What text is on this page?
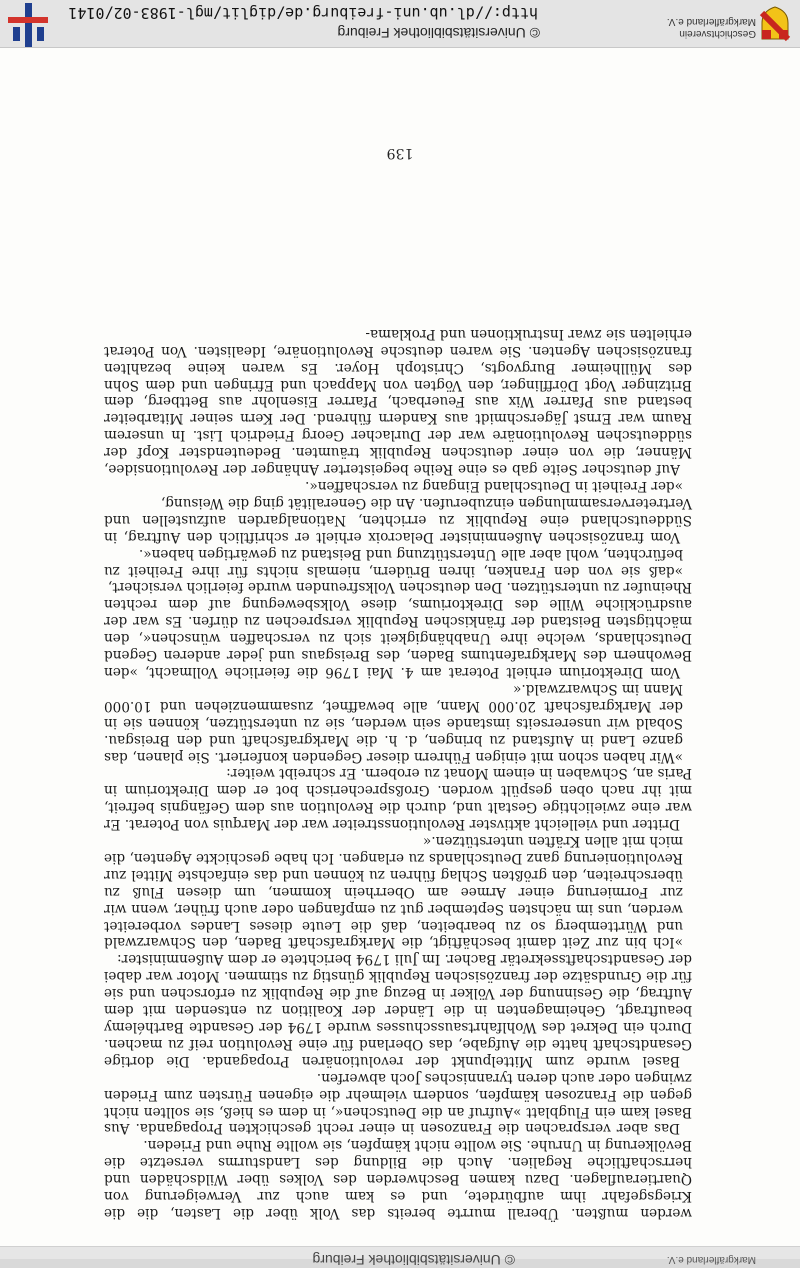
Markgräflerland e.V.
© Universitätsbibliothek Freiburg

werden mußten. Überall murrte bereits das Volk über die Lasten, die die Kriegsgefahr ihm aufbürdete, und es kam auch zur Verweigerung von Quartierauflagen. Dazu kamen Beschwerden des Volkes über Wildschäden und herrschaftliche Regalien. Auch die Bildung des Landsturms versetzte die Bevölkerung in Unruhe. Sie wollte nicht kämpfen, sie wollte Ruhe und Frieden.

Das aber versprachen die Franzosen in einer recht geschickten Propaganda. Aus Basel kam ein Flugblatt »Aufruf an die Deutschen«, in dem es hieß, sie sollten nicht gegen die Franzosen kämpfen, sondern vielmehr die eigenen Fürsten zum Frieden zwingen oder auch deren tyrannisches Joch abwerfen.

Basel wurde zum Mittelpunkt der revolutionären Propaganda. Die dortige Gesandtschaft hatte die Aufgabe, das Oberland für eine Revolution reif zu machen. Durch ein Dekret des Wohlfahrtsausschusses wurde 1794 der Gesandte Barthélemy beauftragt, Geheimagenten in die Länder der Koalition zu entsenden mit dem Auftrag, die Gesinnung der Völker in Bezug auf die Republik zu erforschen und sie für die Grundsätze der französischen Republik günstig zu stimmen. Motor war dabei der Gesandtschaftssekretär Bacher. Im Juli 1794 berichtete er dem Außenminister:

»Ich bin zur Zeit damit beschäftigt, die Markgrafschaft Baden, den Schwarzwald und Württemberg so zu bearbeiten, daß die Leute dieses Landes vorbereitet werden, uns im nächsten September gut zu empfangen oder auch früher, wenn wir zur Formierung einer Armee am Oberrhein kommen, um diesen Fluß zu überschreiten, den größten Schlag führen zu können und das einfachste Mittel zur Revolutionierung ganz Deutschlands zu erlangen. Ich habe geschickte Agenten, die mich mit allen Kräften unterstützen.«

Dritter und vielleicht aktivster Revolutionsstreiter war der Marquis von Poterat. Er war eine zwielichtige Gestalt und, durch die Revolution aus dem Gefängnis befreit, mit ihr nach oben gespült worden. Großsprecherisch bot er dem Direktorium in Paris an, Schwaben in einem Monat zu erobern. Er schreibt weiter:

»Wir haben schon mit einigen Führern dieser Gegenden konferiert. Sie planen, das ganze Land in Aufstand zu bringen, d. h. die Markgrafschaft und den Breisgau. Sobald wir unsererseits imstande sein werden, sie zu unterstützen, können sie in der Markgrafschaft 20.000 Mann, alle bewaffnet, zusammenziehen und 10.000 Mann im Schwarzwald.«

Vom Direktorium erhielt Poterat am 4. Mai 1796 die feierliche Vollmacht, »den Bewohnern des Markgrafentums Baden, des Breisgaus und jeder anderen Gegend Deutschlands, welche ihre Unabhängigkeit sich zu verschaffen wünschen«, den mächtigsten Beistand der fränkischen Republik versprechen zu dürfen. Es war der ausdrückliche Wille des Direktoriums, diese Volksbewegung auf dem rechten Rheinufer zu unterstützen. Den deutschen Volksfreunden wurde feierlich versichert,

»daß sie von den Franken, ihren Brüdern, niemals nichts für ihre Freiheit zu befürchten, wohl aber alle Unterstützung und Beistand zu gewärtigen haben«.

Vom französischen Außenminister Delacroix erhielt er schriftlich den Auftrag, in Süddeutschland eine Republik zu errichten, Nationalgarden aufzustellen und Vertreterversammlungen einzuberufen. An die Generalität ging die Weisung,

»der Freiheit in Deutschland Eingang zu verschaffen«.

Auf deutscher Seite gab es eine Reihe begeisterter Anhänger der Revolutionsidee, Männer, die von einer deutschen Republik träumten. Bedeutendster Kopf der süddeutschen Revolutionäre war der Durlacher Georg Friedrich List. In unserem Raum war Ernst Jägerschmidt aus Kandern führend. Der Kern seiner Mitarbeiter bestand aus Pfarrer Wix aus Feuerbach, Pfarrer Eisenlohr aus Bettberg, dem Britzinger Vogt Dörfflinger, den Vögten von Mappach und Efringen und dem Sohn des Müllheimer Burgvogts, Christoph Hoyer. Es waren keine bezahlten französischen Agenten. Sie waren deutsche Revolutionäre, Idealisten. Von Poterat erhielten sie zwar Instruktionen und Proklama-

139
Geschichtsverein
Markgräflerland e.V.
© Universitätsbibliothek Freiburg
http://dl.ub.uni-freiburg.de/diglit/mgl-1983-02/0141
